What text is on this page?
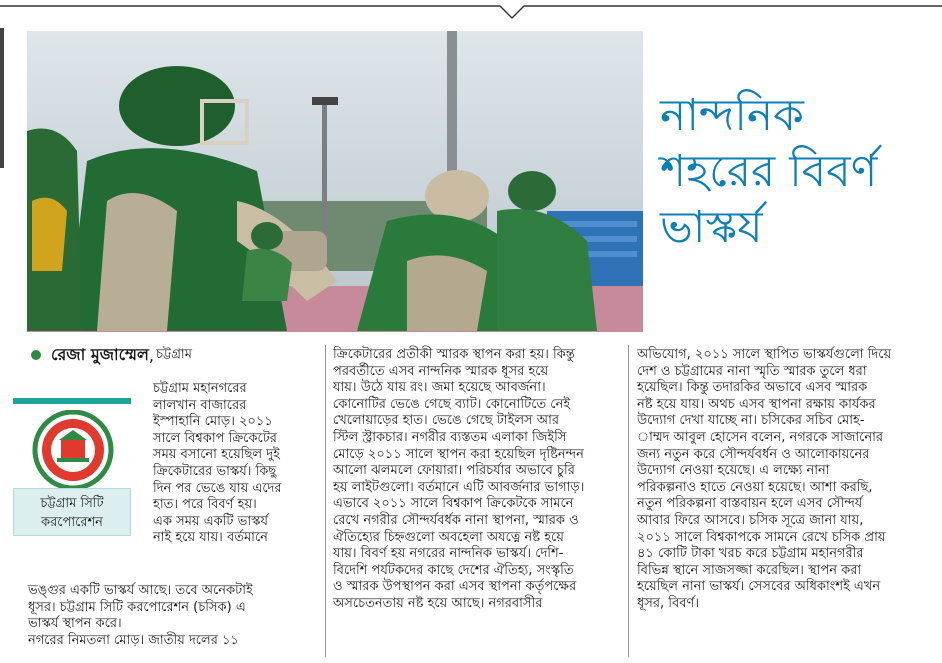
নান্দনিক
শহরের বিবর্ণ
ভাস্কর্য
রেজা মুজাম্মেল , চট্টগ্রাম
চট্টগ্রাম সিটি
করপোরেশন
চট্টগ্রাম মহানগরের
লালখান বাজারের
ইস্পাহানি মোড়। ২০১১
সালে বিশ্বকাপ ক্রিকেটের
সময় বসানো হয়েছিল দুই
ক্রিকেটারের ভাস্কর্য। কিছু
দিন পর ভেঙে যায় এদের
হাত। পরে বিবর্ণ হয়।
এক সময় একটি ভাস্কর্য
নাই হয়ে যায়। বর্তমানে
ভঙ্গুর একটি ভাস্কর্য আছে। তবে অনেকটাই
ধূসর। চট্টগ্রাম সিটি করপোরেশন (চসিক) এ
ভাস্কর্য স্থাপন করে।
নগরের নিমতলা মোড়। জাতীয় দলের ১১
ক্রিকেটারের প্রতীকী স্মারক স্থাপন করা হয়। কিন্তু
পরবর্তীতে এসব নান্দনিক স্মারক ধূসর হয়ে
যায়। উঠে যায় রং। জমা হয়েছে আবর্জনা।
কোনোটির ভেঙে গেছে ব্যাট। কোনোটিতে নেই
খেলোয়াড়ের হাত। ভেঙে গেছে টাইলস আর
স্টিল স্ট্রাকচার। নগরীর ব্যস্ততম এলাকা জিইসি
মোড়ে ২০১১ সালে স্থাপন করা হয়েছিল দৃষ্টিনন্দন
আলো ঝলমলে ফোয়ারা। পরিচর্যার অভাবে চুরি
হয় লাইটগুলো। বর্তমানে এটি আবর্জনার ভাগাড়।
এভাবে ২০১১ সালে বিশ্বকাপ ক্রিকেটকে সামনে
রেখে নগরীর সৌন্দর্যবর্ধক নানা স্থাপনা, স্মারক ও
ঐতিহ্যের চিহ্নগুলো অবহেলা অযত্নে নষ্ট হয়ে
যায়। বিবর্ণ হয় নগরের নান্দনিক ভাস্কর্য। দেশি-
বিদেশি পর্যটকদের কাছে দেশের ঐতিহ্য, সংস্কৃতি
ও স্মারক উপস্থাপন করা এসব স্থাপনা কর্তৃপক্ষের
অসচেতনতায় নষ্ট হয়ে আছে। নগরবাসীর
অভিযোগ, ২০১১ সালে স্থাপিত ভাস্কর্যগুলো দিয়ে
দেশ ও চট্টগ্রামের নানা স্মৃতি স্মারক তুলে ধরা
হয়েছিল। কিন্তু তদারকির অভাবে এসব স্মারক
নষ্ট হয়ে যায়। অথচ এসব স্থাপনা রক্ষায় কার্যকর
উদ্যোগ দেখা যাচ্ছে না। চসিকের সচিব মোহ-
াম্মদ আবুল হোসেন বলেন, নগরকে সাজানোর
জন্য নতুন করে সৌন্দর্যবর্ধন ও আলোকায়নের
উদ্যোগ নেওয়া হয়েছে। এ লক্ষ্যে নানা
পরিকল্পনাও হাতে নেওয়া হয়েছে। আশা করছি,
নতুন পরিকল্পনা বাস্তবায়ন হলে এসব সৌন্দর্য
আবার ফিরে আসবে। চসিক সূত্রে জানা যায়,
২০১১ সালে বিশ্বকাপকে সামনে রেখে চসিক প্রায়
৪১ কোটি টাকা খরচ করে চট্টগ্রাম মহানগরীর
বিভিন্ন স্থানে সাজসজ্জা করেছিল। স্থাপন করা
হয়েছিল নানা ভাস্কর্য। সেসবের অধিকাংশই এখন
ধূসর, বিবর্ণ।
